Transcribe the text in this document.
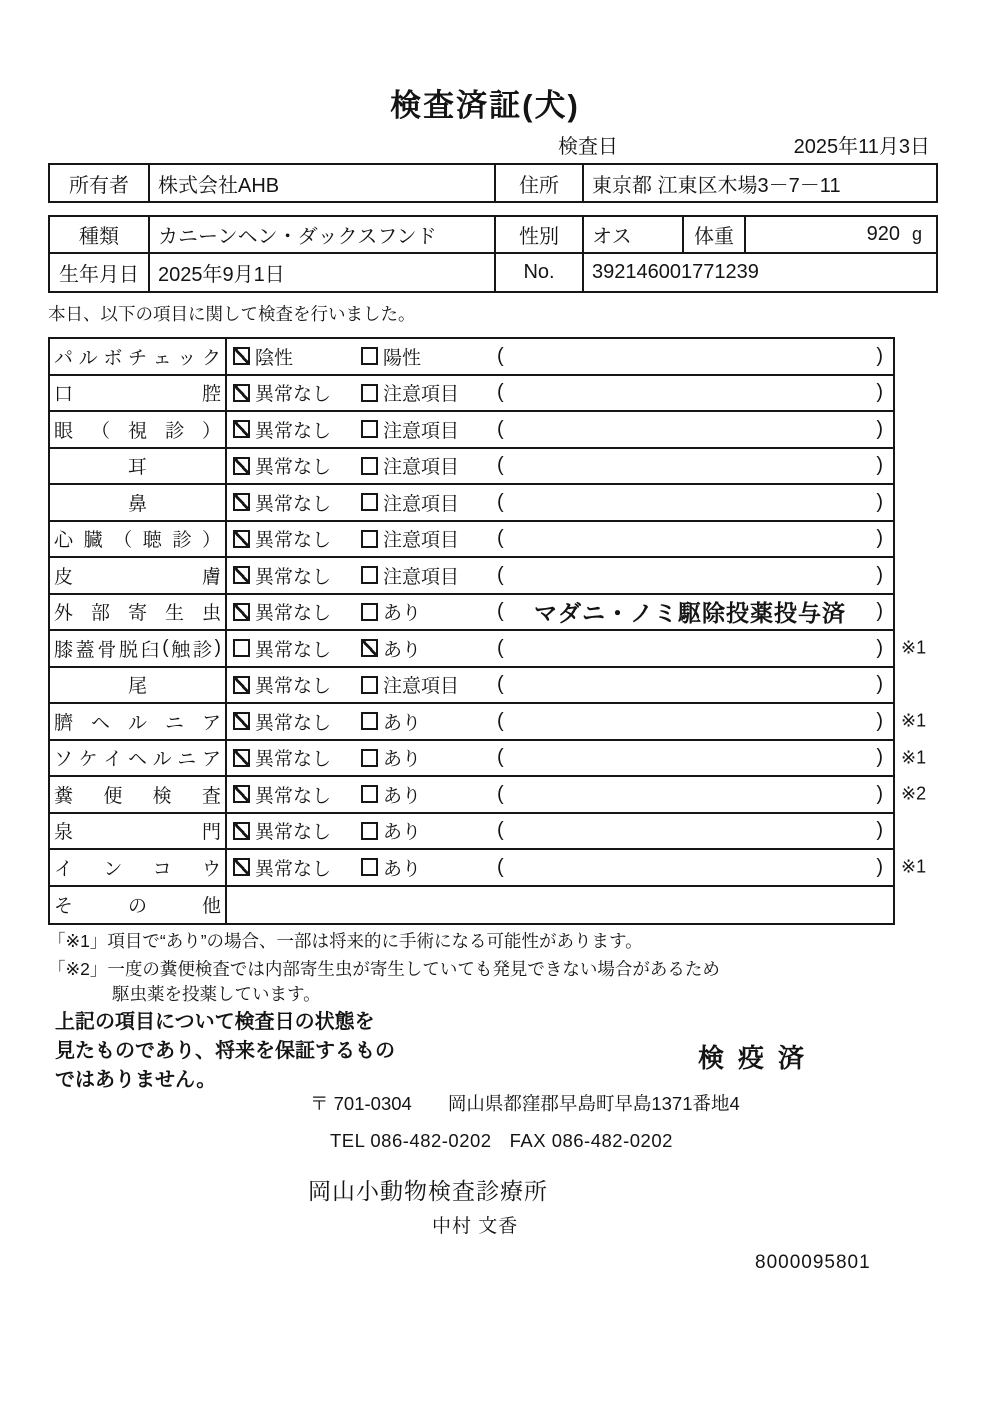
検査済証(犬)
検査日	2025年11月3日
所有者	株式会社AHB	住所	東京都 江東区木場3－7－11
種類	カニーンヘン・ダックスフンド	性別	オス	体重	920 g
生年月日 2025年9月1日	No.	392146001771239
本日、以下の項目に関して検査を行いました。
パ ル ボ チ ェ ッ ク 陰性	陽性	(	)
口	腔 異常なし	注意項目 (	)
眼 （ 視 診 ） 異常なし	注意項目 (	)
耳	異常なし	注意項目 (	)
鼻	異常なし	注意項目 (	)
心 臓 （ 聴 診 ） 異常なし	注意項目 (	)
皮	膚 異常なし	注意項目 (	)
外 部 寄 生 虫 異常なし	あり	(	マダニ・ノミ駆除投薬投与済	)
膝 蓋 骨 脱 臼 ( 触 診 ) 異常なし	あり	(	) ※1
尾	異常なし	注意項目 (	)
臍 ヘ ル ニ ア 異常なし	あり	(	) ※1
ソ ケ イ ヘ ル ニ ア 異常なし	あり	(	) ※1
糞 便 検 査 異常なし	あり	(	) ※2
泉	門 異常なし	あり	(	)
イ ン コ ウ 異常なし	あり	(	) ※1
そ	の	他
「※1」項目で“あり”の場合、一部は将来的に手術になる可能性があります。
「※2」一度の糞便検査では内部寄生虫が寄生していても発見できない場合があるため
駆虫薬を投薬しています。
上記の項目について検査日の状態を
見たものであり、将来を保証するもの
ではありません。
検疫済
〒 701-0304 岡山県都窪郡早島町早島1371番地4
TEL 086-482-0202 FAX 086-482-0202
岡山小動物検査診療所
中村 文香
8000095801
